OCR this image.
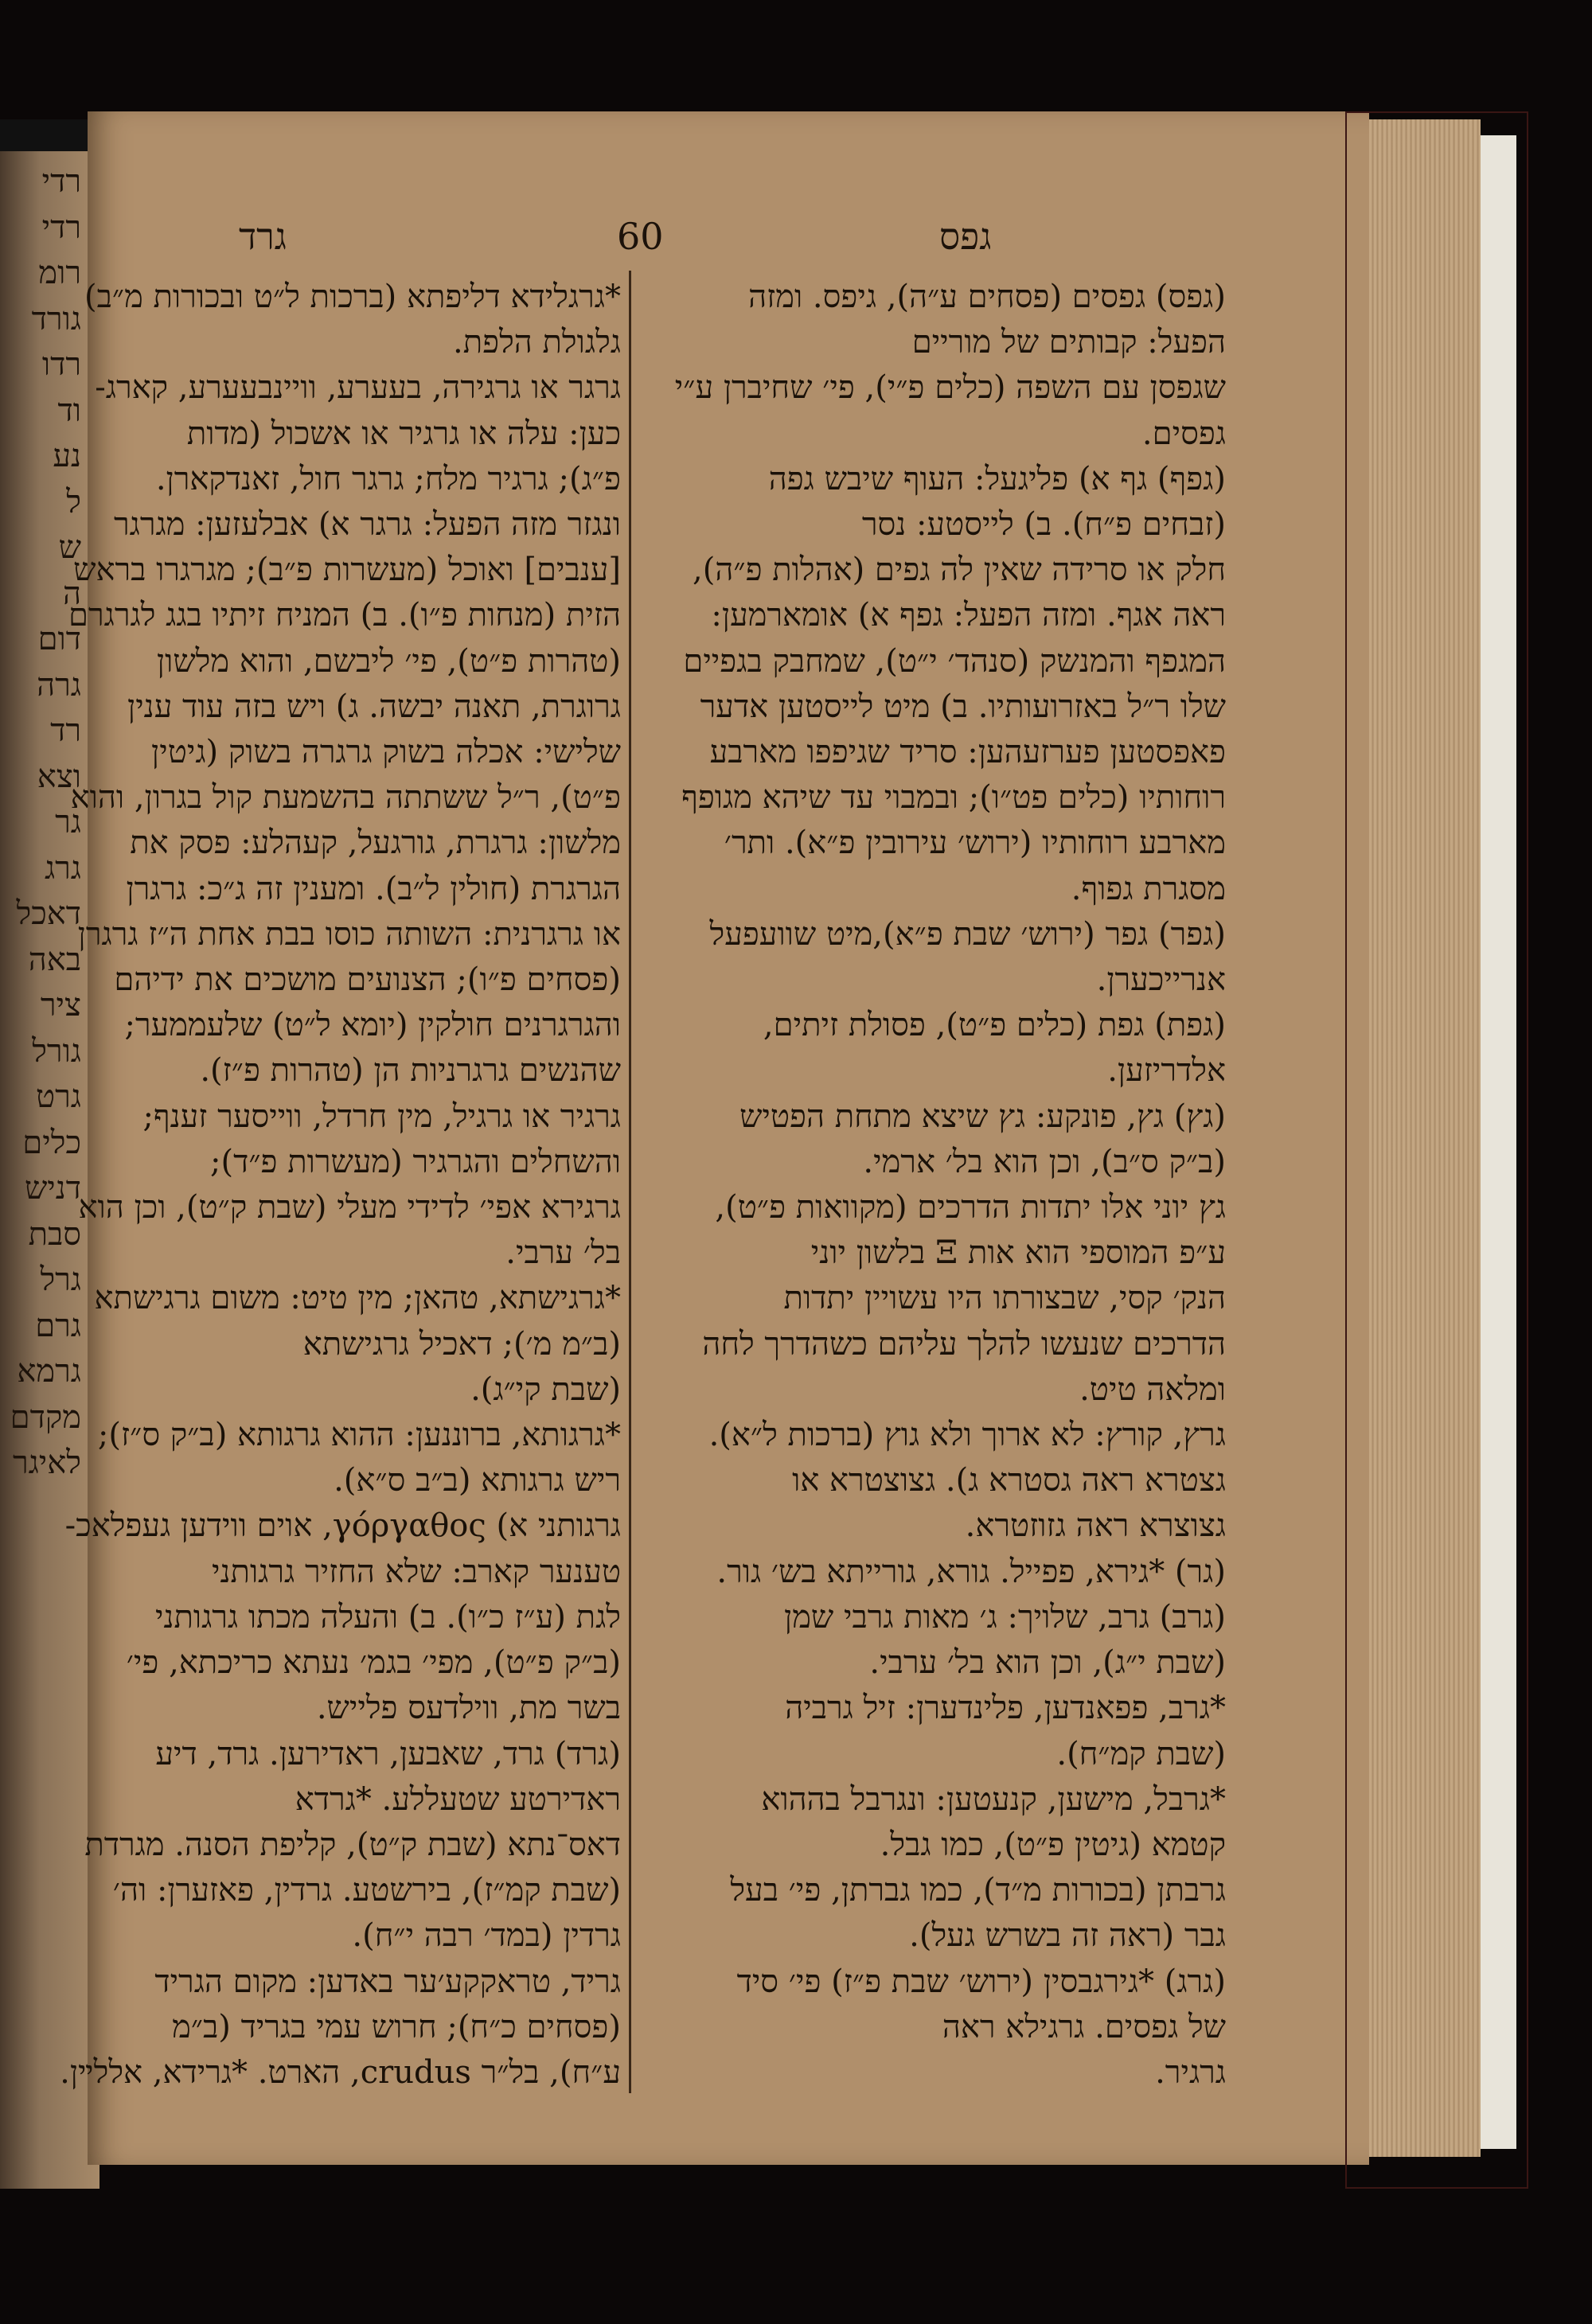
רדי
רדי
רומ
גורד
רדו
וד
נע
ל
ש
ה
דום
גרה
רד
וצא
גר
גרג
דאכל
באה
ציר
גורל
גרט
כלים
דניש
סבת
גרל
גרם
גרמא
מקדם
לאיגר
גרד	60	גפס
*גרגלידא דליפתא (ברכות ל״ט ובכורות מ״ב)
גלגולת הלפת.
גרגר או גרגירה, בעערע, וויינבעערע, קארג-
כען: עלה או גרגיר או אשכול (מדות
פ״ג); גרגיר מלח; גרגר חול, זאנדקארן.
ונגזר מזה הפעל: גרגר א) אבלעזען: מגרגר
[ענבים] ואוכל (מעשרות פ״ב); מגרגרו בראש
הזית (מנחות פ״ו). ב) המניח זיתיו בגג לגרגרם
(טהרות פ״ט), פי׳ ליבשם, והוא מלשון
גרוגרת, תאנה יבשה. ג) ויש בזה עוד ענין
שלישי: אכלה בשוק גרגרה בשוק (גיטין
פ״ט), ר״ל ששתתה בהשמעת קול בגרון, והוא
מלשון: גרגרת, גורגעל, קעהלע: פסק את
הגרגרת (חולין ל״ב). ומענין זה ג״כ: גרגרן
או גרגרנית: השותה כוסו בבת אחת ה״ז גרגרן
(פסחים פ״ו); הצנועים מושכים את ידיהם
והגרגרנים חולקין (יומא ל״ט) שלעממער;
שהנשים גרגרניות הן (טהרות פ״ז).
גרגיר או גרגיל, מין חרדל, ווייסער זענף;
והשחלים והגרגיר (מעשרות פ״ד);
גרגירא אפי׳ לדידי מעלי (שבת ק״ט), וכן הוא
בל׳ ערבי.
*גרגישתא, טהאן; מין טיט: משום גרגישתא
(ב״מ מ׳); דאכיל גרגישתא
(שבת קי״ג).
*גרגותא, ברוננען: ההוא גרגותא (ב״ק ס״ז);
ריש גרגותא (ב״ב ס״א).
גרגותני א) γόργαθος, אוים ווידען געפלאכ-
טענער קארב: שלא החזיר גרגותני
לגת (ע״ז כ״ו). ב) והעלה מכתו גרגותני
(ב״ק פ״ט), מפי׳ בגמ׳ נעתא כריכתא, פי׳
בשר מת, ווילדעס פלייש.
(גרד) גרד, שאבען, ראדירען. גרד, דיע
ראדירטע שטעללע. *גרדא
דאס־נתא (שבת ק״ט), קליפת הסנה. מגרדת
(שבת קמ״ז), בירשטע. גרדין, פאזערן: וה׳
גרדין (במד׳ רבה י״ח).
גריד, טראקקע׳ער באדען: מקום הגריד
(פסחים כ״ח); חרוש עמי בגריד (ב״מ
ע״ח), בל״ר crudus, הארט. *גרידא, אללײן.
(גפס) גפסים (פסחים ע״ה), גיפס. ומזה
הפעל: קבותים של מוריים
שגפסן עם השפה (כלים פ״י), פי׳ שחיברן ע״י
גפסים.
(גפף) גף א) פליגעל: העוף שיבש גפה
(זבחים פ״ח). ב) לייסטע: נסר
חלק או סרידה שאין לה גפים (אהלות פ״ה),
ראה אגף. ומזה הפעל: גפף א) אומארמען:
המגפף והמנשק (סנהד׳ י״ט), שמחבק בגפיים
שלו ר״ל באזרועותיו. ב) מיט לייסטען אדער
פאפסטען פערזעהען: סריד שגיפפו מארבע
רוחותיו (כלים פט״ו); ובמבוי עד שיהא מגופף
מארבע רוחותיו (ירוש׳ עירובין פ״א). ותר׳
מסגרת גפוף.
(גפר) גפר (ירוש׳ שבת פ״א),מיט שוועפעל
אנרייכערן.
(גפת) גפת (כלים פ״ט), פסולת זיתים,
אלדריזען.
(גץ) גץ, פונקע: גץ שיצא מתחת הפטיש
(ב״ק ס״ב), וכן הוא בל׳ ארמי.
גץ יוני אלו יתדות הדרכים (מקוואות פ״ט),
ע״פ המוספי הוא אות Ξ בלשון יוני
הנק׳ קסי, שבצורתו היו עשויין יתדות
הדרכים שנעשו להלך עליהם כשהדרך לחה
ומלאה טיט.
גרץ, קורץ: לא ארוך ולא גוץ (ברכות ל״א).
גצטרא ראה גסטרא ג). גצוצטרא או
גצוצרא ראה גזוזטרא.
(גר) *גירא, פפייל. גורא, גורייתא בש׳ גור.
(גרב) גרב, שלויך: ג׳ מאות גרבי שמן
(שבת י״ג), וכן הוא בל׳ ערבי.
*גרב, פפאנדען, פלינדערן: זיל גרביה
(שבת קמ״ח).
*גרבל, מישען, קנעטען: ונגרבל בההוא
קטמא (גיטין פ״ט), כמו גבל.
גרבתן (בכורות מ״ד), כמו גברתן, פי׳ בעל
גבר (ראה זה בשרש געל).
(גרג) *גירגבסין (ירוש׳ שבת פ״ז) פי׳ סיד
של גפסים. גרגילא ראה
גרגיר.
